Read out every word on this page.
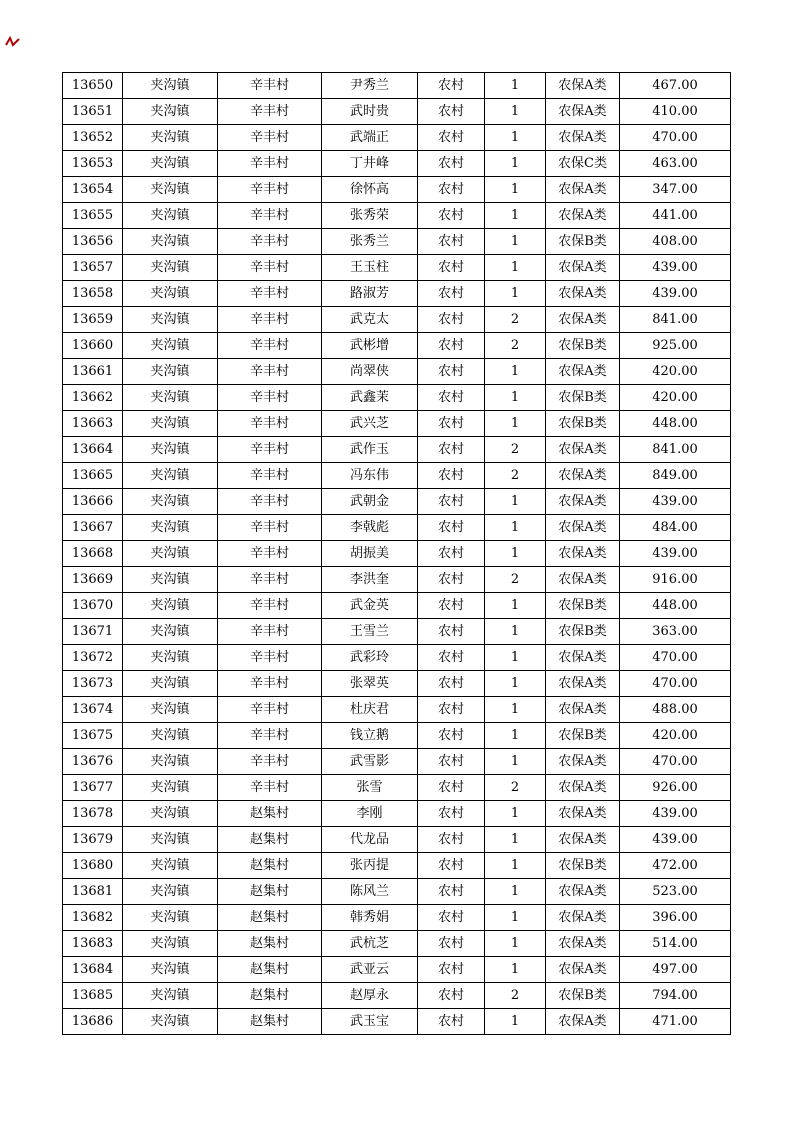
13650	夹沟镇	辛丰村	尹秀兰	农村	1	农保A类	467.00
13651	夹沟镇	辛丰村	武时贵	农村	1	农保A类	410.00
13652	夹沟镇	辛丰村	武端正	农村	1	农保A类	470.00
13653	夹沟镇	辛丰村	丁井峰	农村	1	农保C类	463.00
13654	夹沟镇	辛丰村	徐怀高	农村	1	农保A类	347.00
13655	夹沟镇	辛丰村	张秀荣	农村	1	农保A类	441.00
13656	夹沟镇	辛丰村	张秀兰	农村	1	农保B类	408.00
13657	夹沟镇	辛丰村	王玉柱	农村	1	农保A类	439.00
13658	夹沟镇	辛丰村	路淑芳	农村	1	农保A类	439.00
13659	夹沟镇	辛丰村	武克太	农村	2	农保A类	841.00
13660	夹沟镇	辛丰村	武彬增	农村	2	农保B类	925.00
13661	夹沟镇	辛丰村	尚翠侠	农村	1	农保A类	420.00
13662	夹沟镇	辛丰村	武鑫茉	农村	1	农保B类	420.00
13663	夹沟镇	辛丰村	武兴芝	农村	1	农保B类	448.00
13664	夹沟镇	辛丰村	武作玉	农村	2	农保A类	841.00
13665	夹沟镇	辛丰村	冯东伟	农村	2	农保A类	849.00
13666	夹沟镇	辛丰村	武朝金	农村	1	农保A类	439.00
13667	夹沟镇	辛丰村	李戟彪	农村	1	农保A类	484.00
13668	夹沟镇	辛丰村	胡振美	农村	1	农保A类	439.00
13669	夹沟镇	辛丰村	李洪奎	农村	2	农保A类	916.00
13670	夹沟镇	辛丰村	武金英	农村	1	农保B类	448.00
13671	夹沟镇	辛丰村	王雪兰	农村	1	农保B类	363.00
13672	夹沟镇	辛丰村	武彩玲	农村	1	农保A类	470.00
13673	夹沟镇	辛丰村	张翠英	农村	1	农保A类	470.00
13674	夹沟镇	辛丰村	杜庆君	农村	1	农保A类	488.00
13675	夹沟镇	辛丰村	钱立鹅	农村	1	农保B类	420.00
13676	夹沟镇	辛丰村	武雪影	农村	1	农保A类	470.00
13677	夹沟镇	辛丰村	张雪	农村	2	农保A类	926.00
13678	夹沟镇	赵集村	李刚	农村	1	农保A类	439.00
13679	夹沟镇	赵集村	代龙品	农村	1	农保A类	439.00
13680	夹沟镇	赵集村	张丙提	农村	1	农保B类	472.00
13681	夹沟镇	赵集村	陈风兰	农村	1	农保A类	523.00
13682	夹沟镇	赵集村	韩秀娟	农村	1	农保A类	396.00
13683	夹沟镇	赵集村	武杭芝	农村	1	农保A类	514.00
13684	夹沟镇	赵集村	武亚云	农村	1	农保A类	497.00
13685	夹沟镇	赵集村	赵厚永	农村	2	农保B类	794.00
13686	夹沟镇	赵集村	武玉宝	农村	1	农保A类	471.00
